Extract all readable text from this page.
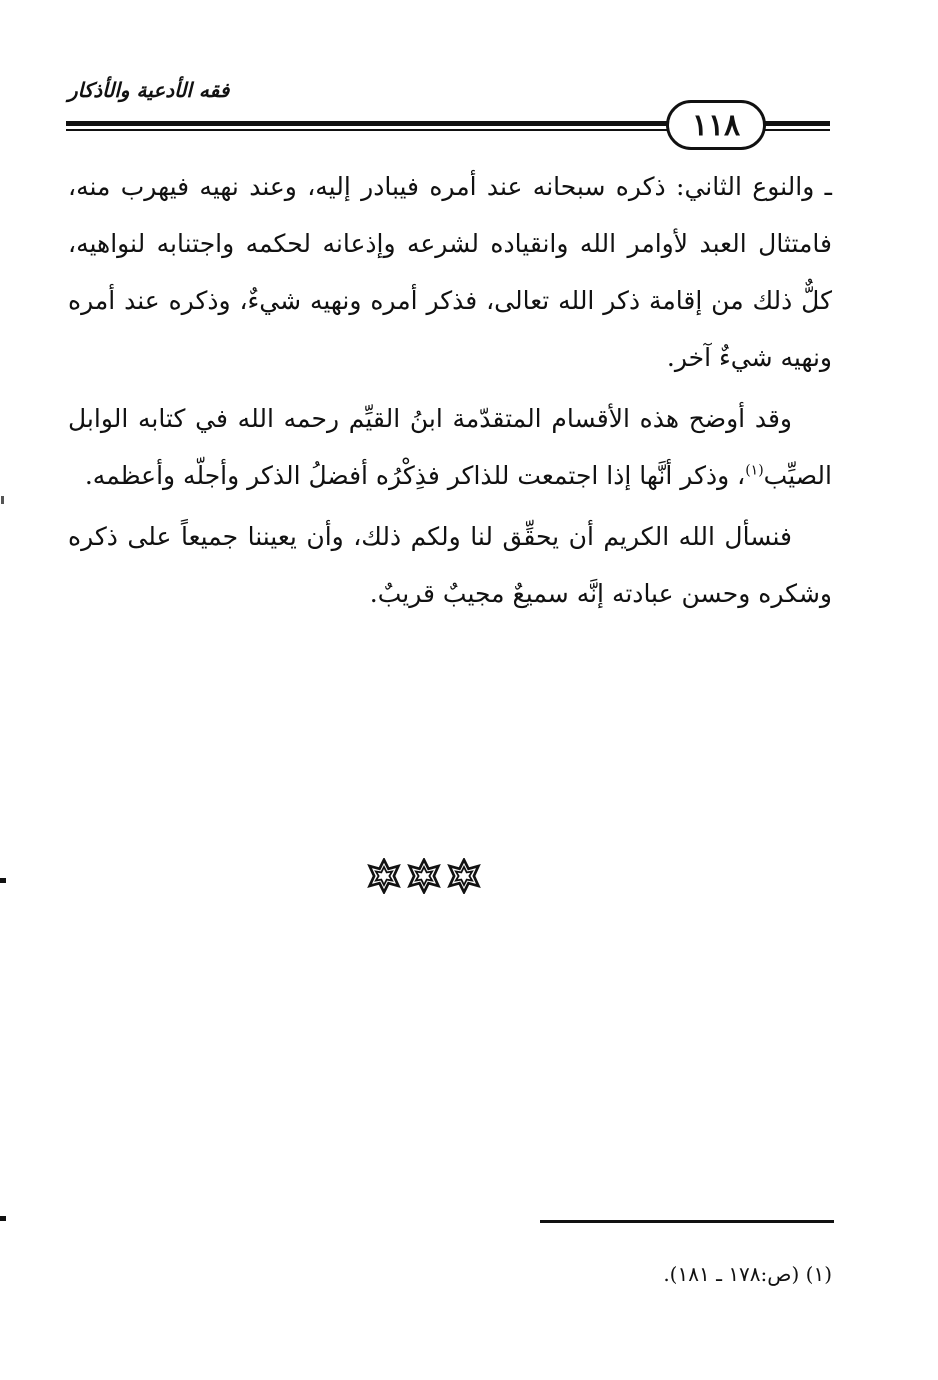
فقه الأدعية والأذكار
١١٨

ـ والنوع الثاني: ذكره سبحانه عند أمره فيبادر إليه، وعند نهيه فيهرب منه، فامتثال العبد لأوامر الله وانقياده لشرعه وإذعانه لحكمه واجتنابه لنواهيه، كلٌّ ذلك من إقامة ذكر الله تعالى، فذكر أمره ونهيه شيءٌ، وذكره عند أمره ونهيه شيءٌ آخر.

وقد أوضح هذه الأقسام المتقدّمة ابنُ القيِّم رحمه الله في كتابه الوابل الصيِّب$^{(١)}$، وذكر أنَّها إذا اجتمعت للذاكر فذِكْرُه أفضلُ الذكر وأجلّه وأعظمه.

فنسأل الله الكريم أن يحقِّق لنا ولكم ذلك، وأن يعيننا جميعاً على ذكره وشكره وحسن عبادته إنَّه سميعٌ مجيبٌ قريبٌ.

(١) (ص:١٧٨ ـ ١٨١).
